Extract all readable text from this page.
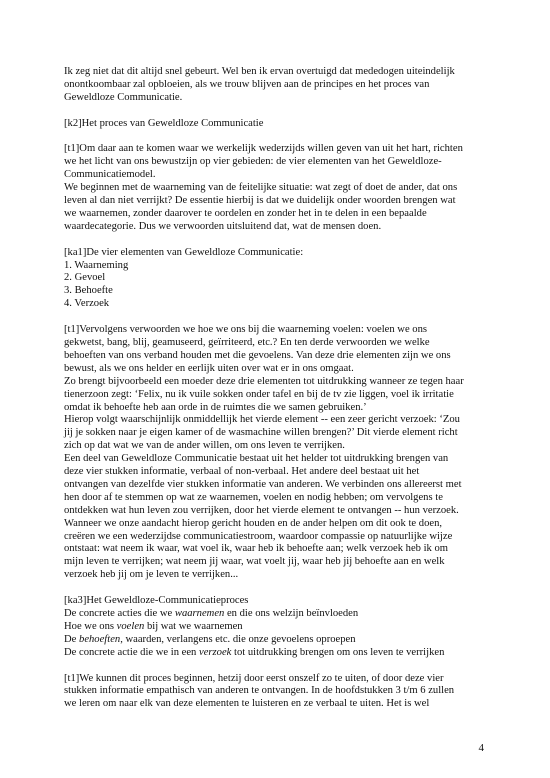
Ik zeg niet dat dit altijd snel gebeurt. Wel ben ik ervan overtuigd dat mededogen uiteindelijk
onontkoombaar zal opbloeien, als we trouw blijven aan de principes en het proces van
Geweldloze Communicatie.
[k2]Het proces van Geweldloze Communicatie
[t1]Om daar aan te komen waar we werkelijk wederzijds willen geven van uit het hart, richten
we het licht van ons bewustzijn op vier gebieden: de vier elementen van het Geweldloze-
Communicatiemodel.
We beginnen met de waarneming van de feitelijke situatie: wat zegt of doet de ander, dat ons
leven al dan niet verrijkt? De essentie hierbij is dat we duidelijk onder woorden brengen wat
we waarnemen, zonder daarover te oordelen en zonder het in te delen in een bepaalde
waardecategorie. Dus we verwoorden uitsluitend dat, wat de mensen doen.
[ka1]De vier elementen van Geweldloze Communicatie:
1. Waarneming
2. Gevoel
3. Behoefte
4. Verzoek
[t1]Vervolgens verwoorden we hoe we ons bij die waarneming voelen: voelen we ons
gekwetst, bang, blij, geamuseerd, geïrriteerd, etc.? En ten derde verwoorden we welke
behoeften van ons verband houden met die gevoelens. Van deze drie elementen zijn we ons
bewust, als we ons helder en eerlijk uiten over wat er in ons omgaat.
Zo brengt bijvoorbeeld een moeder deze drie elementen tot uitdrukking wanneer ze tegen haar
tienerzoon zegt: ‘Felix, nu ik vuile sokken onder tafel en bij de tv zie liggen, voel ik irritatie
omdat ik behoefte heb aan orde in de ruimtes die we samen gebruiken.’
Hierop volgt waarschijnlijk onmiddellijk het vierde element -- een zeer gericht verzoek: ‘Zou
jij je sokken naar je eigen kamer of de wasmachine willen brengen?’ Dit vierde element richt
zich op dat wat we van de ander willen, om ons leven te verrijken.
Een deel van Geweldloze Communicatie bestaat uit het helder tot uitdrukking brengen van
deze vier stukken informatie, verbaal of non-verbaal. Het andere deel bestaat uit het
ontvangen van dezelfde vier stukken informatie van anderen. We verbinden ons allereerst met
hen door af te stemmen op wat ze waarnemen, voelen en nodig hebben; om vervolgens te
ontdekken wat hun leven zou verrijken, door het vierde element te ontvangen -- hun verzoek.
Wanneer we onze aandacht hierop gericht houden en de ander helpen om dit ook te doen,
creëren we een wederzijdse communicatiestroom, waardoor compassie op natuurlijke wijze
ontstaat: wat neem ik waar, wat voel ik, waar heb ik behoefte aan; welk verzoek heb ik om
mijn leven te verrijken; wat neem jij waar, wat voelt jij, waar heb jij behoefte aan en welk
verzoek heb jij om je leven te verrijken...
[ka3]Het Geweldloze-Communicatieproces
De concrete acties die we waarnemen en die ons welzijn beïnvloeden
Hoe we ons voelen bij wat we waarnemen
De behoeften, waarden, verlangens etc. die onze gevoelens oproepen
De concrete actie die we in een verzoek tot uitdrukking brengen om ons leven te verrijken
[t1]We kunnen dit proces beginnen, hetzij door eerst onszelf zo te uiten, of door deze vier
stukken informatie empathisch van anderen te ontvangen. In de hoofdstukken 3 t/m 6 zullen
we leren om naar elk van deze elementen te luisteren en ze verbaal te uiten. Het is wel
4
